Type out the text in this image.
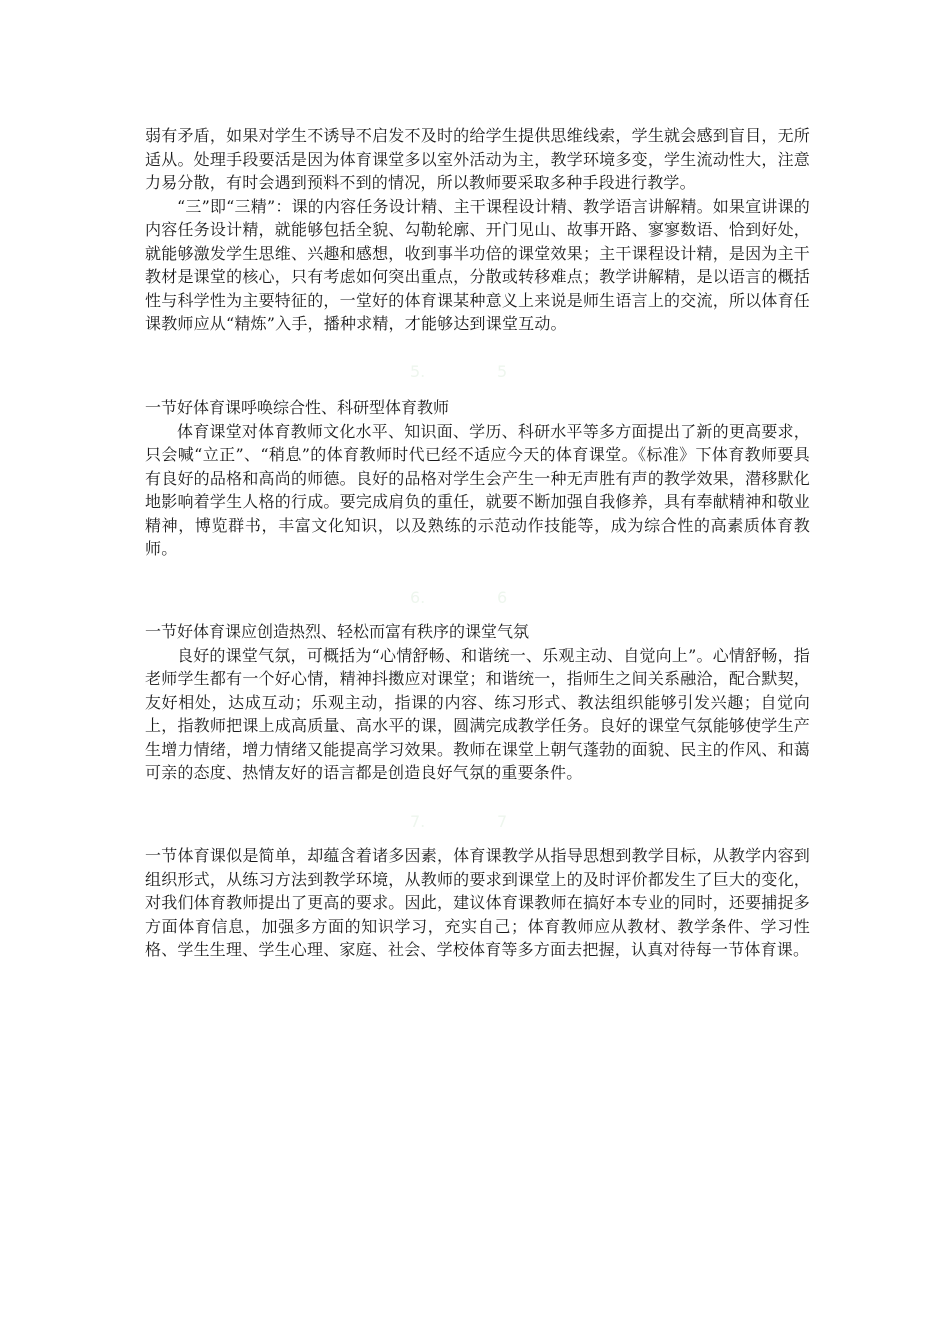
弱有矛盾，如果对学生不诱导不启发不及时的给学生提供思维线索，学生就会感到盲目，无所适从。处理手段要活是因为体育课堂多以室外活动为主，教学环境多变，学生流动性大，注意力易分散，有时会遇到预料不到的情况，所以教师要采取多种手段进行教学。

“三”即“三精”：课的内容任务设计精、主干课程设计精、教学语言讲解精。如果宣讲课的内容任务设计精，就能够包括全貌、勾勒轮廓、开门见山、故事开路、寥寥数语、恰到好处，就能够激发学生思维、兴趣和感想，收到事半功倍的课堂效果；主干课程设计精，是因为主干教材是课堂的核心，只有考虑如何突出重点，分散或转移难点；教学讲解精，是以语言的概括性与科学性为主要特征的，一堂好的体育课某种意义上来说是师生语言上的交流，所以体育任课教师应从“精炼”入手，播种求精，才能够达到课堂互动。

5.	5

一节好体育课呼唤综合性、科研型体育教师

体育课堂对体育教师文化水平、知识面、学历、科研水平等多方面提出了新的更高要求，只会喊“立正”、“稍息”的体育教师时代已经不适应今天的体育课堂。《标准》下体育教师要具有良好的品格和高尚的师德。良好的品格对学生会产生一种无声胜有声的教学效果，潜移默化地影响着学生人格的行成。要完成肩负的重任，就要不断加强自我修养，具有奉献精神和敬业精神，博览群书，丰富文化知识，以及熟练的示范动作技能等，成为综合性的高素质体育教师。

6.	6

一节好体育课应创造热烈、轻松而富有秩序的课堂气氛

良好的课堂气氛，可概括为“心情舒畅、和谐统一、乐观主动、自觉向上”。心情舒畅，指老师学生都有一个好心情，精神抖擞应对课堂；和谐统一，指师生之间关系融洽，配合默契，友好相处，达成互动；乐观主动，指课的内容、练习形式、教法组织能够引发兴趣；自觉向上，指教师把课上成高质量、高水平的课，圆满完成教学任务。良好的课堂气氛能够使学生产生增力情绪，增力情绪又能提高学习效果。教师在课堂上朝气蓬勃的面貌、民主的作风、和蔼可亲的态度、热情友好的语言都是创造良好气氛的重要条件。

7.	7

一节体育课似是简单，却蕴含着诸多因素，体育课教学从指导思想到教学目标，从教学内容到组织形式，从练习方法到教学环境，从教师的要求到课堂上的及时评价都发生了巨大的变化，对我们体育教师提出了更高的要求。因此，建议体育课教师在搞好本专业的同时，还要捕捉多方面体育信息，加强多方面的知识学习，充实自己；体育教师应从教材、教学条件、学习性格、学生生理、学生心理、家庭、社会、学校体育等多方面去把握，认真对待每一节体育课。
